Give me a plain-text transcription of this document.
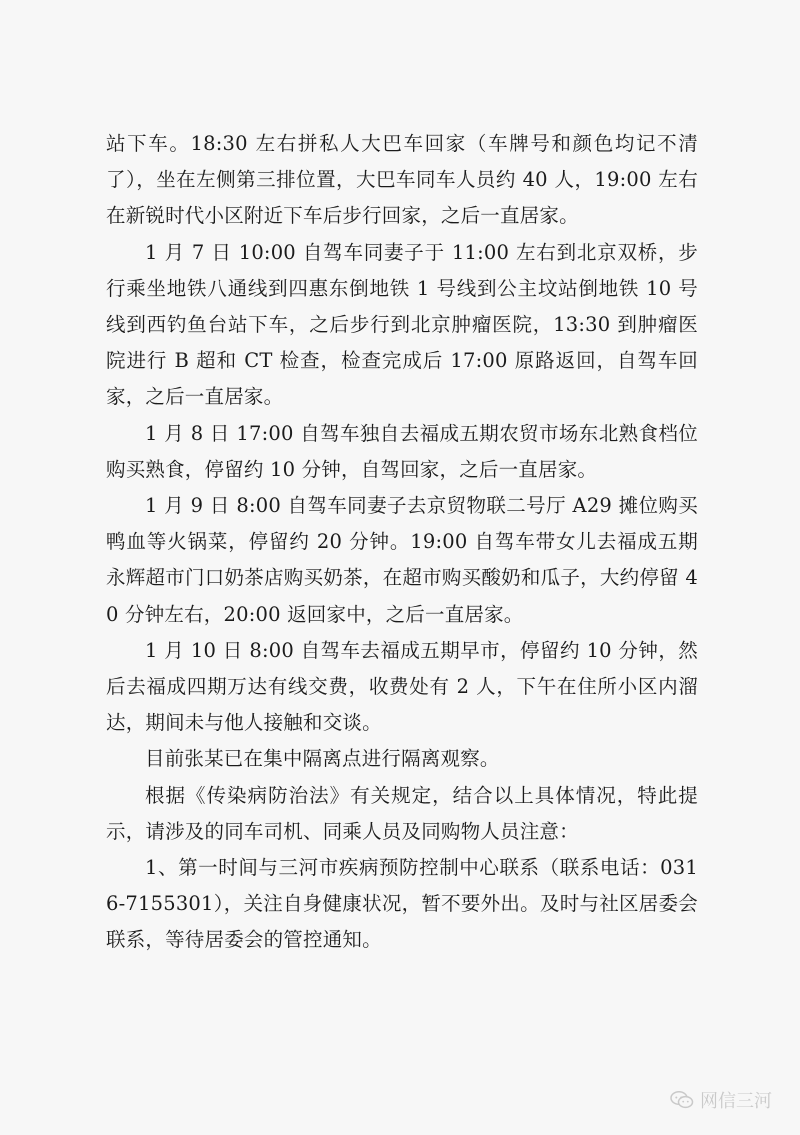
站下车。18:30 左右拼私人大巴车回家（车牌号和颜色均记不清了），坐在左侧第三排位置，大巴车同车人员约 40 人，19:00 左右在新锐时代小区附近下车后步行回家，之后一直居家。

1 月 7 日 10:00 自驾车同妻子于 11:00 左右到北京双桥，步行乘坐地铁八通线到四惠东倒地铁 1 号线到公主坟站倒地铁 10 号线到西钓鱼台站下车，之后步行到北京肿瘤医院，13:30 到肿瘤医院进行 B 超和 CT 检查，检查完成后 17:00 原路返回，自驾车回家，之后一直居家。

1 月 8 日 17:00 自驾车独自去福成五期农贸市场东北熟食档位购买熟食，停留约 10 分钟，自驾回家，之后一直居家。

1 月 9 日 8:00 自驾车同妻子去京贸物联二号厅 A29 摊位购买鸭血等火锅菜，停留约 20 分钟。19:00 自驾车带女儿去福成五期永辉超市门口奶茶店购买奶茶，在超市购买酸奶和瓜子，大约停留 40 分钟左右，20:00 返回家中，之后一直居家。

1 月 10 日 8:00 自驾车去福成五期早市，停留约 10 分钟，然后去福成四期万达有线交费，收费处有 2 人，下午在住所小区内溜达，期间未与他人接触和交谈。

目前张某已在集中隔离点进行隔离观察。

根据《传染病防治法》有关规定，结合以上具体情况，特此提示，请涉及的同车司机、同乘人员及同购物人员注意：

1、第一时间与三河市疾病预防控制中心联系（联系电话：0316-7155301），关注自身健康状况，暂不要外出。及时与社区居委会联系，等待居委会的管控通知。

网信三河
